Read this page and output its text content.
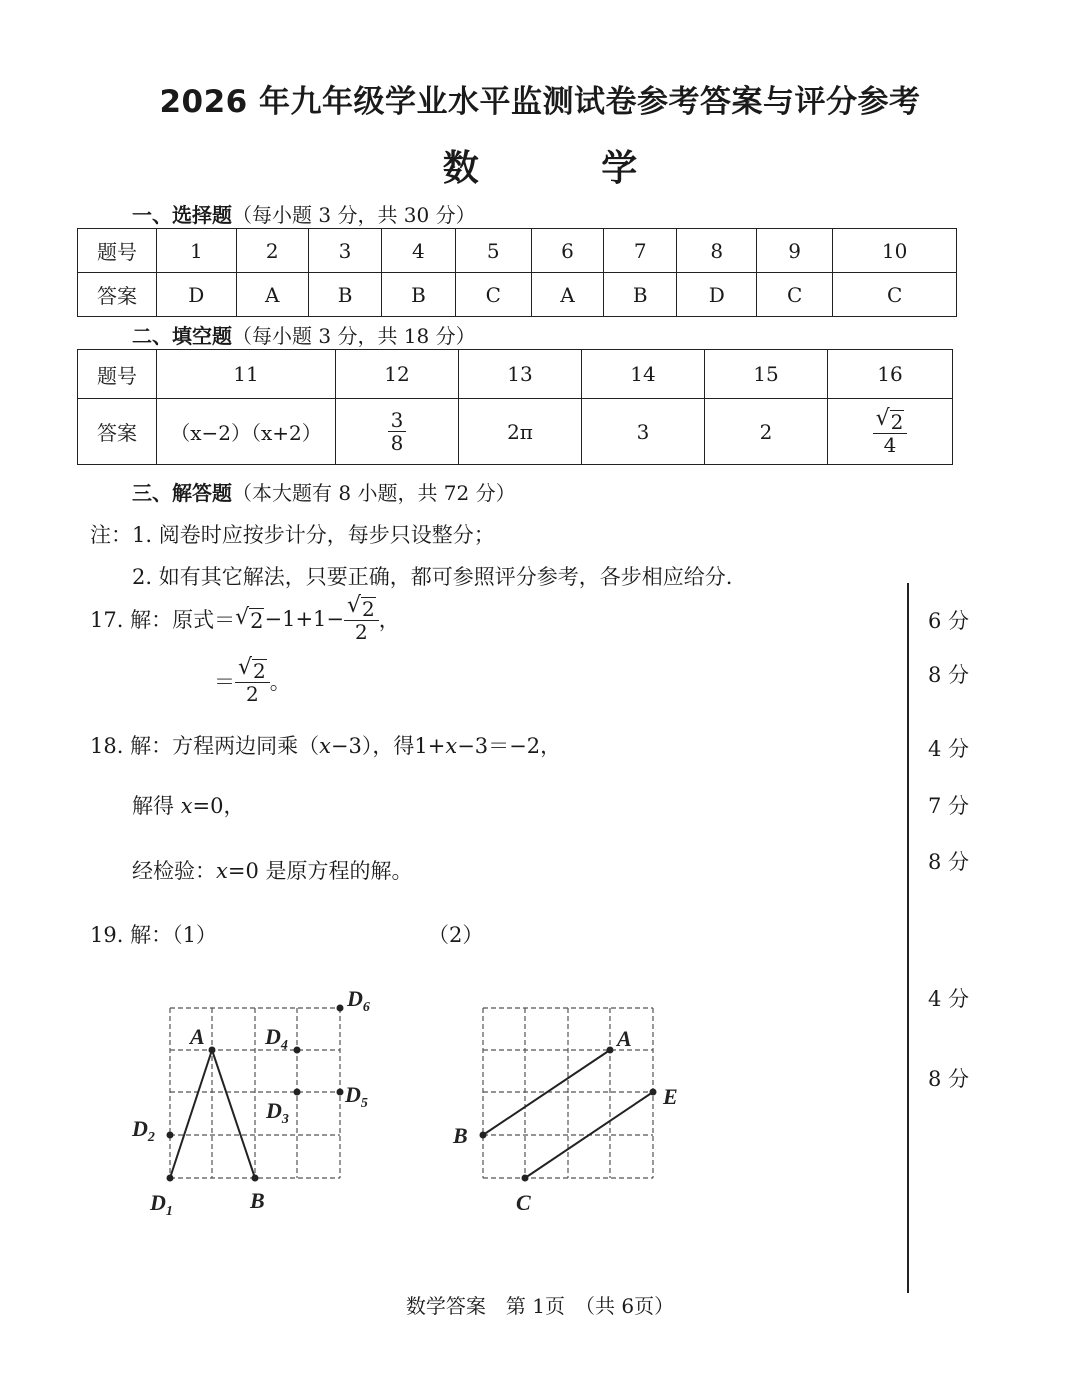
2026 年九年级学业水平监测试卷参考答案与评分参考
数 学
一、选择题（每小题 3 分，共 30 分）
题号	1	2	3	4	5	6	7	8	9	10
答案	D	A	B	B	C	A	B	D	C	C
二、填空题（每小题 3 分，共 18 分）
题号	11	12	13	14	15	16
答案	（x−2）（x+2）	$\frac{3}{8}$	2π	3	2	$\frac{√ 2}{4}$
三、解答题（本大题有 8 小题，共 72 分）
注：1. 阅卷时应按步计分，每步只设整分；
2. 如有其它解法，只要正确，都可参照评分参考，各步相应给分.
17. 解：原式＝ √ $2 -1+1- \frac{√ 2}{2}$ ，
＝ $\frac{√ 2}{2}$ 。
6 分
8 分
18. 解：方程两边同乘（x−3），得1+x−3＝−2，
解得 x=0，
经检验：x=0 是原方程的解。
4 分
7 分
8 分
19. 解：（1）	（2）
4 分
8 分
A
B
$D_1$
$D_2$
$D_3$
$D_4$
$D_5$
$D_6$
A
B
C
E
数学答案　第 1页　（共 6页）
